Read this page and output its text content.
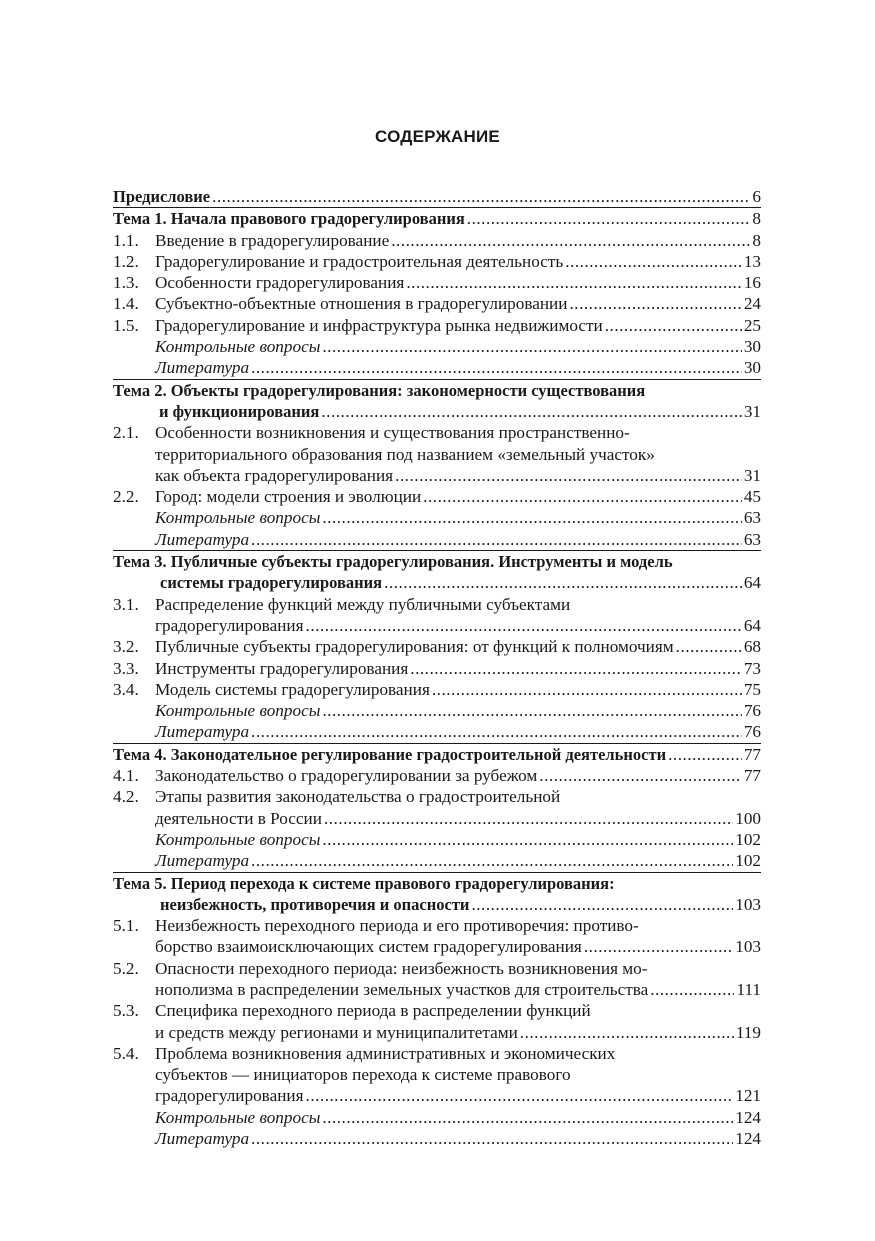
СОДЕРЖАНИЕ
Предисловие .....	6
Тема 1. Начала правового градорегулирования .....	8
1.1. Введение в градорегулирование .....	8
1.2. Градорегулирование и градостроительная деятельность .....	13
1.3. Особенности градорегулирования .....	16
1.4. Субъектно-объектные отношения в градорегулировании .....	24
1.5. Градорегулирование и инфраструктура рынка недвижимости .....	25
Контрольные вопросы .....	30
Литература .....	30
Тема 2. Объекты градорегулирования: закономерности существования
и функционирования .....	31
2.1. Особенности возникновения и существования пространственно-
территориального образования под названием «земельный участок»
как объекта градорегулирования .....	31
2.2. Город: модели строения и эволюции .....	45
Контрольные вопросы .....	63
Литература .....	63
Тема 3. Публичные субъекты градорегулирования. Инструменты и модель
системы градорегулирования .....	64
3.1. Распределение функций между публичными субъектами
градорегулирования .....	64
3.2. Публичные субъекты градорегулирования: от функций к полномочиям .....	68
3.3. Инструменты градорегулирования .....	73
3.4. Модель системы градорегулирования .....	75
Контрольные вопросы .....	76
Литература .....	76
Тема 4. Законодательное регулирование градостроительной деятельности .....	77
4.1. Законодательство о градорегулировании за рубежом .....	77
4.2. Этапы развития законодательства о градостроительной
деятельности в России .....	100
Контрольные вопросы .....	102
Литература .....	102
Тема 5. Период перехода к системе правового градорегулирования:
неизбежность, противоречия и опасности .....	103
5.1. Неизбежность переходного периода и его противоречия: противо-
борство взаимоисключающих систем градорегулирования .....	103
5.2. Опасности переходного периода: неизбежность возникновения мо-
нополизма в распределении земельных участков для строительства .....	111
5.3. Специфика переходного периода в распределении функций
и средств между регионами и муниципалитетами .....	119
5.4. Проблема возникновения административных и экономических
субъектов — инициаторов перехода к системе правового
градорегулирования .....	121
Контрольные вопросы .....	124
Литература .....	124
